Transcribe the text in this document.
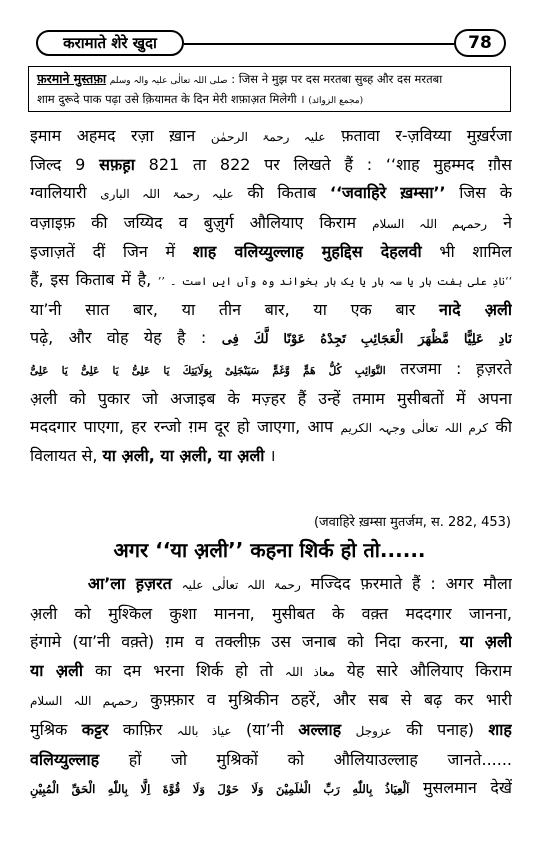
करामाते शेरे खुदा	78
फ़रमाने मुस्तफ़ा صلی اللہ تعالٰی علیہ والہ وسلم : जिस ने मुझ पर दस मरतबा सुब्ह और दस मरतबा
शाम दुरूदे पाक पढ़ा उसे क़ियामत के दिन मेरी शफ़ाअ़त मिलेगी । (مجمع الزوائد)
इमाम अहमद रज़ा ख़ान علیہ رحمۃ الرحمٰن फ़तावा र-ज़विय्या मुख़र्रजा
जिल्द 9 सफ़ह़ा 821 ता 822 पर लिखते हैं : ‘‘शाह मुहम्मद ग़ौस
ग्वालियारी علیہ رحمۃ اللہ الباری की किताब ‘‘जवाहिरे ख़म्सा’’ जिस के
वज़ाइफ़ की जय्यिद व बुज़ुर्ग औलियाए किराम رحمہم اللہ السلام ने
इजाज़तें दीं जिन में शाह वलिय्युल्लाह मुहद्दिस देहलवी भी शामिल
हैं, इस किताब में है, ’’ نادِ علی ہفت بار یا سہ بار یا یک بار بخواند وہ وآں ایں است ۔‘‘
या’नी सात बार, या तीन बार, या एक बार नादे अ़ली
पढ़े, और वोह येह है : نَادِ عَلِیًّا مَّظْهَرَ الْعَجَائِبِ تَجِدْهُ عَوْنًا لَّكَ فِی
النَّوَائِبِ كُلُّ هَمٍّ وَّغَمٍّ سَيَنْجَلِیْ بِوَلَايَتِكَ يَا عَلِیُّ يَا عَلِیُّ يَا عَلِیُّ तरजमा : ह़ज़रते
अ़ली को पुकार जो अजाइब के मज़्हर हैं उन्हें तमाम मुसीबतों में अपना
मददगार पाएगा, हर रन्जो ग़म दूर हो जाएगा, आप کرم اللہ تعالٰی وجہہ الکریم की
विलायत से, या अ़ली, या अ़ली, या अ़ली ।
(जवाहिरे ख़म्सा मुतर्जम, स. 282, 453)
अगर ‘‘या अ़ली’’ कहना शिर्क हो तो......
आ’ला ह़ज़रत رحمۃ اللہ تعالٰی علیہ मज्दिद फ़रमाते हैं : अगर मौला
अ़ली को मुश्किल कुशा मानना, मुसीबत के वक़्त मददगार जानना,
हंगामे (या’नी वक़्ते) ग़म व तक्लीफ़ उस जनाब को निदा करना, या अ़ली
या अ़ली का दम भरना शिर्क हो तो معاذ اللہ येह सारे औलियाए किराम
رحمہم اللہ السلام कुफ़्फ़ार व मुश्रिकीन ठहरें, और सब से बढ़ कर भारी
मुश्रिक कट्टर काफ़िर عیاذ باللہ (या’नी अल्लाह عزوجل की पनाह) शाह
वलिय्युल्लाह हों जो मुश्रिकों को औलियाउल्लाह जानते......
اَلْعِيَاذُ بِاللّٰهِ رَبِّ الْعٰلَمِيْنَ وَلَا حَوْلَ وَلَا قُوَّةَ اِلَّا بِاللّٰهِ الْحَقِّ الْمُبِيْنِ मुसलमान देखें
